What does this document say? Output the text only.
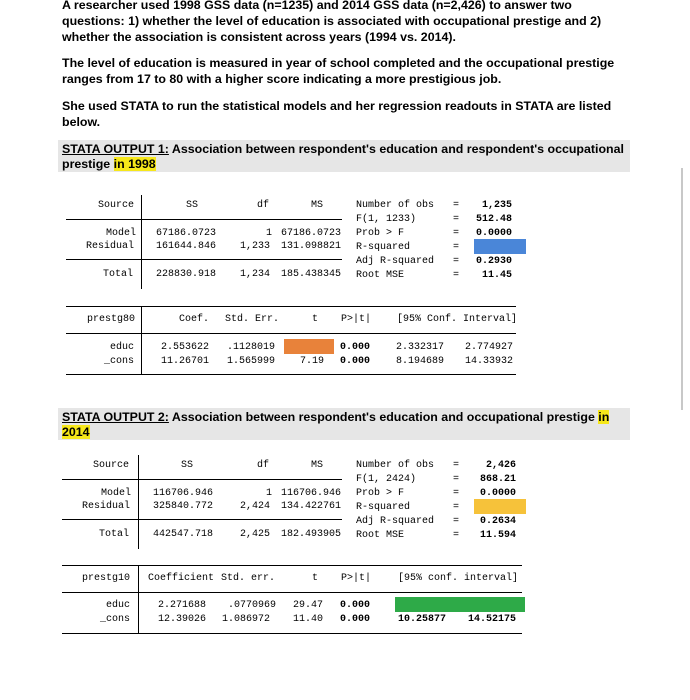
A researcher used 1998 GSS data (n=1235) and 2014 GSS data (n=2,426) to answer two

questions: 1) whether the level of education is associated with occupational prestige and 2)

whether the association is consistent across years (1994 vs. 2014).

The level of education is measured in year of school completed and the occupational prestige

ranges from 17 to 80 with a higher score indicating a more prestigious job.

She used STATA to run the statistical models and her regression readouts in STATA are listed

below.

STATA OUTPUT 1: Association between respondent's education and respondent's occupational
prestige in 1998
Source	SS	df	MS
Model 67186.0723	1 67186.0723
Residual 161644.846 1,233 131.098821
Total 228830.918 1,234 185.438345
Number of obs =	1,235
F(1, 1233)	=	512.48
Prob > F	=	0.0000
R-squared	=
Adj R-squared =	0.2930
Root MSE	=	11.45
prestg80	Coef. Std. Err.	t P>|t|	[95% Conf. Interval]
educ	2.553622 .1128019	0.000	2.332317 2.774927
_cons	11.26701 1.565999 7.19 0.000	8.194689 14.33932
STATA OUTPUT 2: Association between respondent's education and occupational prestige in
2014
Source	SS	df	MS
Model 116706.946	1 116706.946
Residual 325840.772	2,424 134.422761
Total 442547.718	2,425 182.493905
Number of obs =	2,426
F(1, 2424)	=	868.21
Prob > F	=	0.0000
R-squared	=
Adj R-squared =	0.2634
Root MSE	=	11.594
prestg10 Coefficient Std. err.	t P>|t|	[95% conf. interval]
educ	2.271688 .0770969 29.47 0.000
_cons	12.39026 1.086972 11.40 0.000	10.25877 14.52175
